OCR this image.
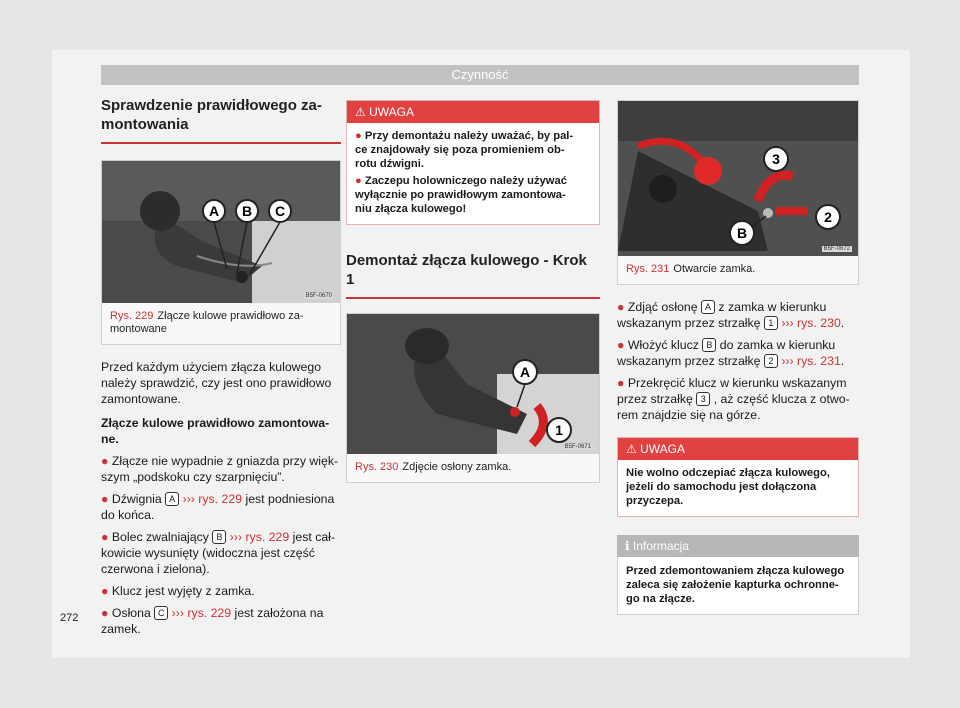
Czynność
Sprawdzenie prawidłowego za-
montowania
A B C
B5F-0670
Rys. 229 Złącze kulowe prawidłowo za-
montowane

Przed każdym użyciem złącza kulowego należy sprawdzić, czy jest ono prawidłowo zamontowane.

Złącze kulowe prawidłowo zamontowa-
ne.

● Złącze nie wypadnie z gniazda przy więk-
szym „podskoku czy szarpnięciu”.

● Dźwignia A ››› rys. 229 jest podniesiona do końca.

● Bolec zwalniający B ››› rys. 229 jest cał-
kowicie wysunięty (widoczna jest część czerwona i zielona).

● Klucz jest wyjęty z zamka.

● Osłona C ››› rys. 229 jest założona na zamek.

⚠ UWAGA
● Przy demontażu należy uważać, by pal-
ce znajdowały się poza promieniem ob-
rotu dźwigni.
● Zaczepu holowniczego należy używać wyłącznie po prawidłowym zamontowa-
niu złącza kulowego!
Demontaż złącza kulowego - Krok
1
A
1
B5F-0671
Rys. 230 Zdjęcie osłony zamka.
3
2
B
B5F-0672
Rys. 231 Otwarcie zamka.

● Zdjąć osłonę A z zamka w kierunku wskazanym przez strzałkę 1 ››› rys. 230.

● Włożyć klucz B do zamka w kierunku wskazanym przez strzałkę 2 ››› rys. 231.

● Przekręcić klucz w kierunku wskazanym przez strzałkę 3 , aż część klucza z otwo-
rem znajdzie się na górze.

⚠ UWAGA
Nie wolno odczepiać złącza kulowego, jeżeli do samochodu jest dołączona przyczepa.
ℹ Informacja
Przed zdemontowaniem złącza kulowego zaleca się założenie kapturka ochronne-
go na złącze.
272
